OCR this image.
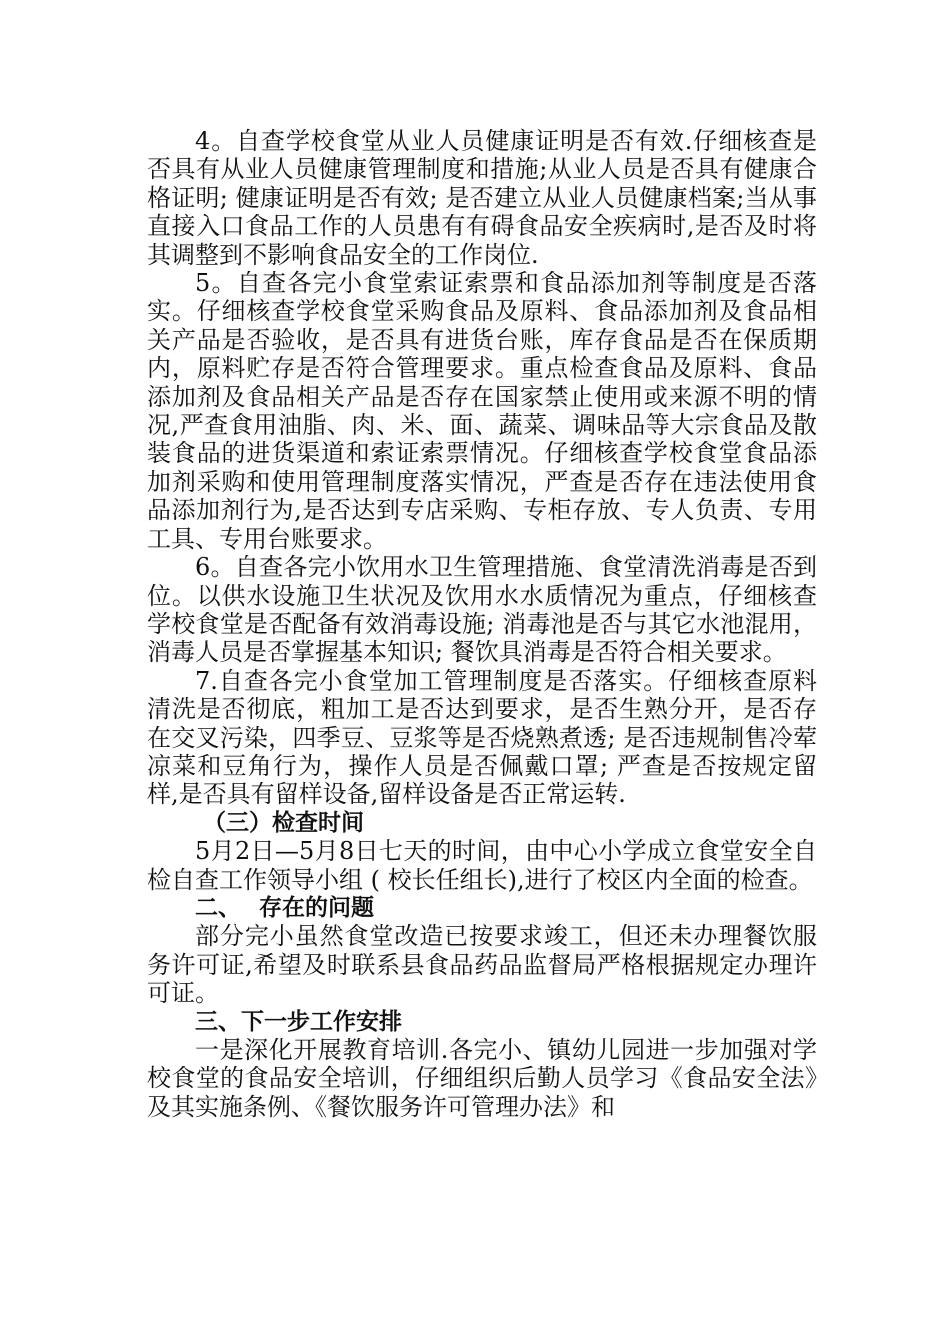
4。自查学校食堂从业人员健康证明是否有效.仔细核查是否具有从业人员健康管理制度和措施;从业人员是否具有健康合格证明; 健康证明是否有效; 是否建立从业人员健康档案;当从事直接入口食品工作的人员患有有碍食品安全疾病时,是否及时将其调整到不影响食品安全的工作岗位.

5。自查各完小食堂索证索票和食品添加剂等制度是否落实。仔细核查学校食堂采购食品及原料、食品添加剂及食品相关产品是否验收，是否具有进货台账，库存食品是否在保质期内，原料贮存是否符合管理要求。重点检查食品及原料、食品添加剂及食品相关产品是否存在国家禁止使用或来源不明的情况,严查食用油脂、肉、米、面、蔬菜、调味品等大宗食品及散装食品的进货渠道和索证索票情况。仔细核查学校食堂食品添加剂采购和使用管理制度落实情况，严查是否存在违法使用食品添加剂行为,是否达到专店采购、专柜存放、专人负责、专用工具、专用台账要求。

6。自查各完小饮用水卫生管理措施、食堂清洗消毒是否到位。以供水设施卫生状况及饮用水水质情况为重点，仔细核查学校食堂是否配备有效消毒设施; 消毒池是否与其它水池混用，消毒人员是否掌握基本知识; 餐饮具消毒是否符合相关要求。

7.自查各完小食堂加工管理制度是否落实。仔细核查原料清洗是否彻底，粗加工是否达到要求，是否生熟分开，是否存在交叉污染，四季豆、豆浆等是否烧熟煮透; 是否违规制售冷荤凉菜和豆角行为，操作人员是否佩戴口罩; 严查是否按规定留样,是否具有留样设备,留样设备是否正常运转.

（三）检查时间

5月2日—5月8日七天的时间，由中心小学成立食堂安全自检自查工作领导小组 ( 校长任组长),进行了校区内全面的检查。

二、 存在的问题

部分完小虽然食堂改造已按要求竣工，但还未办理餐饮服务许可证,希望及时联系县食品药品监督局严格根据规定办理许可证。

三、下一步工作安排

一是深化开展教育培训.各完小、镇幼儿园进一步加强对学校食堂的食品安全培训，仔细组织后勤人员学习《食品安全法》及其实施条例、《餐饮服务许可管理办法》和
